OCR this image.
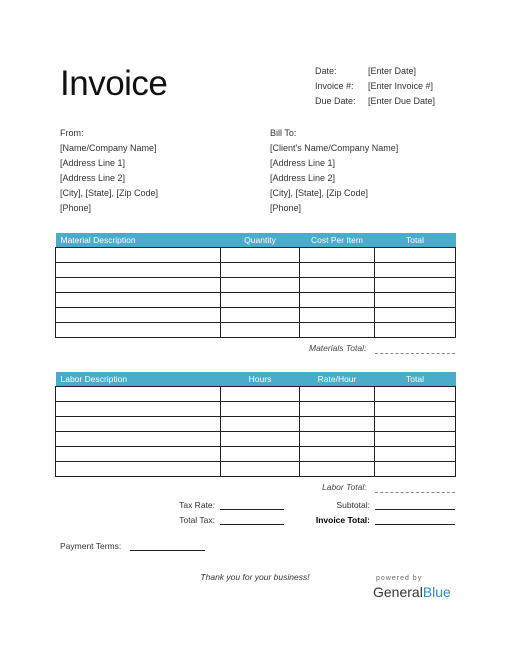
Invoice	Date:	[Enter Date]
Invoice #:	[Enter Invoice #]
Due Date:	[Enter Due Date]
From:
[Name/Company Name]
[Address Line 1]
[Address Line 2]
[City], [State], [Zip Code]
[Phone]
Bill To:
[Client's Name/Company Name]
[Address Line 1]
[Address Line 2]
[City], [State], [Zip Code]
[Phone]
Material Description	Quantity	Cost Per Item	Total

Materials Total:
Labor Description	Hours	Rate/Hour	Total

Labor Total:
Tax Rate:
Total Tax:
Subtotal:
Invoice Total:
Payment Terms:
Thank you for your business!	powered by
GeneralBlue
